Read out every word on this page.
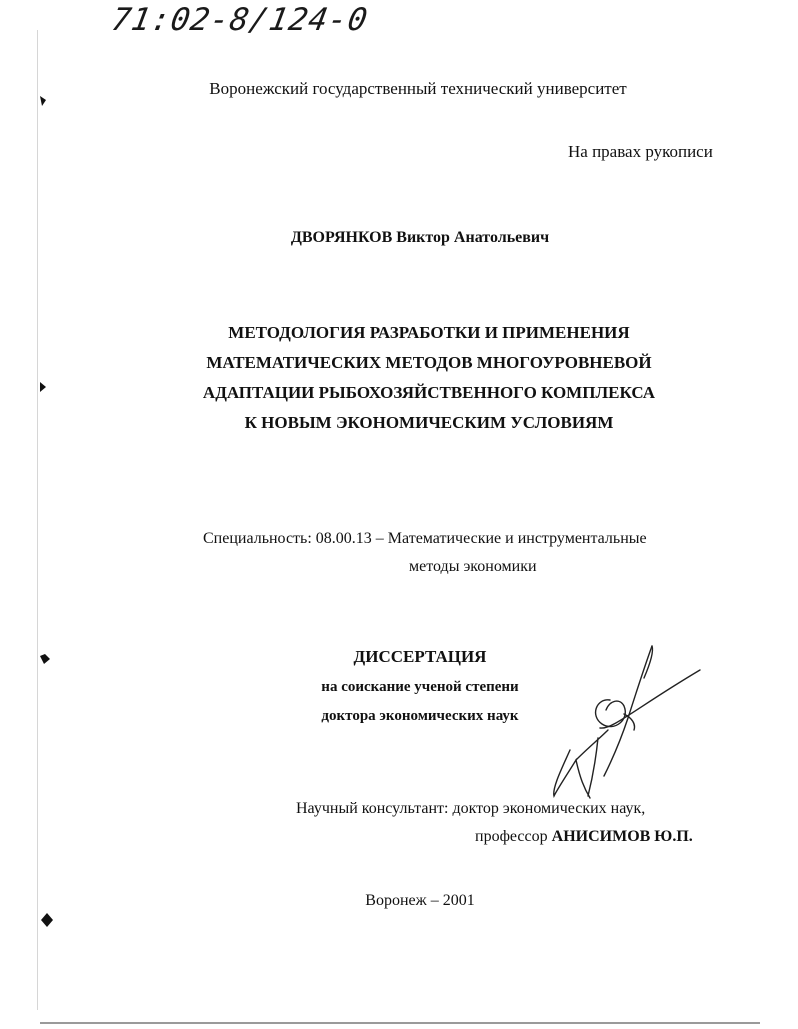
71:02-8/124-0
Воронежский государственный технический университет
На правах рукописи
ДВОРЯНКОВ Виктор Анатольевич
МЕТОДОЛОГИЯ РАЗРАБОТКИ И ПРИМЕНЕНИЯ
МАТЕМАТИЧЕСКИХ МЕТОДОВ МНОГОУРОВНЕВОЙ
АДАПТАЦИИ РЫБОХОЗЯЙСТВЕННОГО КОМПЛЕКСА
К НОВЫМ ЭКОНОМИЧЕСКИМ УСЛОВИЯМ
Специальность: 08.00.13 – Математические и инструментальные
методы экономики
ДИССЕРТАЦИЯ
на соискание ученой степени
доктора экономических наук
Научный консультант: доктор экономических наук,
профессор АНИСИМОВ Ю.П.
Воронеж – 2001
